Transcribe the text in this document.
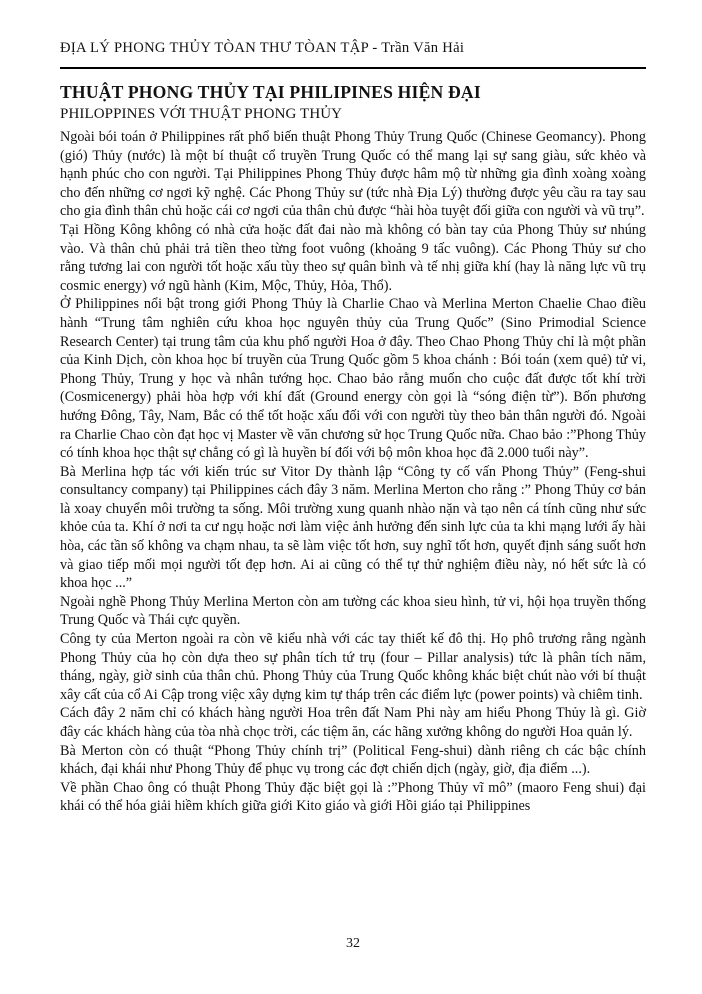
ĐỊA LÝ PHONG THỦY TÒAN THƯ TÒAN TẬP - Trần Văn Hải
THUẬT PHONG THỦY TẠI PHILIPINES HIỆN ĐẠI
PHILOPPINES VỚI THUẬT PHONG THỦY

Ngoài bói toán ở Philippines rất phổ biến thuật Phong Thủy Trung Quốc (Chinese Geomancy). Phong (gió) Thủy (nước) là một bí thuật cổ truyền Trung Quốc có thể mang lại sự sang giàu, sức khẻo và hạnh phúc cho con người. Tại Philippines Phong Thủy được hâm mộ từ những gia đình xoàng xoàng cho đến những cơ ngơi kỹ nghệ. Các Phong Thủy sư (tức nhà Địa Lý) thường được yêu cầu ra tay sau cho gia đình thân chủ hoặc cái cơ ngơi của thân chủ được “hài hòa tuyệt đối giữa con người và vũ trụ”.

Tại Hồng Kông không có nhà cửa hoặc đất đai nào mà không có bàn tay của Phong Thủy sư nhúng vào. Và thân chủ phải trả tiền theo từng foot vuông (khoảng 9 tấc vuông). Các Phong Thủy sư cho rằng tương lai con người tốt hoặc xấu tùy theo sự quân bình và tế nhị giữa khí (hay là năng lực vũ trụ cosmic energy) vớ ngũ hành (Kim, Mộc, Thủy, Hỏa, Thổ).

Ở Philippines nổi bật trong giới Phong Thủy là Charlie Chao và Merlina Merton Chaelie Chao điều hành “Trung tâm nghiên cứu khoa học nguyên thủy của Trung Quốc” (Sino Primodial Science Research Center) tại trung tâm của khu phố người Hoa ở đây. Theo Chao Phong Thủy chỉ là một phần của Kinh Dịch, còn khoa học bí truyền của Trung Quốc gồm 5 khoa chánh : Bói toán (xem quẻ) tử vi, Phong Thủy, Trung y học và nhân tướng học. Chao bảo rằng muốn cho cuộc đất được tốt khí trời (Cosmicenergy) phải hòa hợp với khí đất (Ground energy còn gọi là “sóng điện từ”). Bốn phương hướng Đông, Tây, Nam, Bắc có thể tốt hoặc xấu đối với con người tùy theo bản thân người đó. Ngoài ra Charlie Chao còn đạt học vị Master về văn chương sử học Trung Quốc nữa. Chao bảo :”Phong Thủy có tính khoa học thật sự chẳng có gì là huyền bí đối với bộ môn khoa học đã 2.000 tuổi này”.

Bà Merlina hợp tác với kiến trúc sư Vitor Dy thành lập “Công ty cố vấn Phong Thủy” (Feng-shui consultancy company) tại Philippines cách đây 3 năm. Merlina Merton cho rằng :” Phong Thủy cơ bản là xoay chuyển môi trường ta sống. Môi trường xung quanh nhào nặn và tạo nên cá tính cũng như sức khỏe của ta. Khí ở nơi ta cư ngụ hoặc nơi làm việc ảnh hưởng đến sinh lực của ta khi mạng lưới ấy hài hòa, các tần số không va chạm nhau, ta sẽ làm việc tốt hơn, suy nghĩ tốt hơn, quyết định sáng suốt hơn và giao tiếp mối mọi người tốt đẹp hơn. Ai ai cũng có thể tự thử nghiệm điều này, nó hết sức là có khoa học ...”

Ngoài nghề Phong Thủy Merlina Merton còn am tường các khoa sieu hình, tử vi, hội họa truyền thống Trung Quốc và Thái cực quyền.

Công ty của Merton ngoài ra còn vẽ kiểu nhà với các tay thiết kế đô thị. Họ phô trương rằng ngành Phong Thủy của họ còn dựa theo sự phân tích tứ trụ (four – Pillar analysis) tức là phân tích năm, tháng, ngày, giờ sinh của thân chủ. Phong Thủy của Trung Quốc không khác biệt chút nào với bí thuật xây cất của cổ Ai Cập trong việc xây dựng kim tự tháp trên các điểm lực (power points) và chiêm tinh.

Cách đây 2 năm chỉ có khách hàng người Hoa trên đất Nam Phi này am hiểu Phong Thủy là gì. Giờ đây các khách hàng của tòa nhà chọc trời, các tiệm ăn, các hãng xưởng không do người Hoa quản lý.

Bà Merton còn có thuật “Phong Thủy chính trị” (Political Feng-shui) dành riêng ch các bậc chính khách, đại khái như Phong Thủy để phục vụ trong các đợt chiến dịch (ngày, giờ, địa điểm ...).

Về phần Chao ông có thuật Phong Thủy đặc biệt gọi là :”Phong Thủy vĩ mô” (maoro Feng shui) đại khái có thể hóa giải hiềm khích giữa giới Kito giáo và giới Hồi giáo tại Philippines

32
